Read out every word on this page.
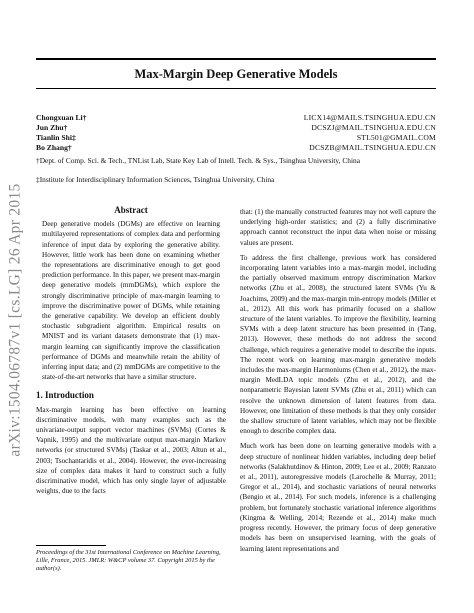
Max-Margin Deep Generative Models
arXiv:1504.06787v1 [cs.LG] 26 Apr 2015
Chongxuan Li†	LICX14@MAILS.TSINGHUA.EDU.CN
Jun Zhu†	DCSZJ@MAIL.TSINGHUA.EDU.CN
Tianlin Shi‡	STL501@GMAIL.COM
Bo Zhang†	DCSZB@MAIL.TSINGHUA.EDU.CN
†Dept. of Comp. Sci. & Tech., TNList Lab, State Key Lab of Intell. Tech. & Sys., Tsinghua University, China
‡Institute for Interdisciplinary Information Sciences, Tsinghua University, China
Abstract

Deep generative models (DGMs) are effective on learning multilayered representations of complex data and performing inference of input data by exploring the generative ability. However, little work has been done on examining whether the representations are discriminative enough to get good prediction performance. In this paper, we present max-margin deep generative models (mmDGMs), which explore the strongly discriminative principle of max-margin learning to improve the discriminative power of DGMs, while retaining the generative capability. We develop an efficient doubly stochastic subgradient algorithm. Empirical results on MNIST and its variant datasets demonstrate that (1) max-margin learning can significantly improve the classification performance of DGMs and meanwhile retain the ability of inferring input data; and (2) mmDGMs are competitive to the state-of-the-art networks that have a similar structure.

1. Introduction

Max-margin learning has been effective on learning discriminative models, with many examples such as the univariate-output support vector machines (SVMs) (Cortes & Vapnik, 1995) and the multivariate output max-margin Markov networks (or structured SVMs) (Taskar et al., 2003; Altun et al., 2003; Tsochantaridis et al., 2004). However, the ever-increasing size of complex data makes it hard to construct such a fully discriminative model, which has only single layer of adjustable weights, due to the facts

that: (1) the manually constructed features may not well capture the underlying high-order statistics; and (2) a fully discriminative approach cannot reconstruct the input data when noise or missing values are present.

To address the first challenge, previous work has considered incorporating latent variables into a max-margin model, including the partially observed maximum entropy discrimination Markov networks (Zhu et al., 2008), the structured latent SVMs (Yu & Joachims, 2009) and the max-margin min-entropy models (Miller et al., 2012). All this work has primarily focused on a shallow structure of the latent variables. To improve the flexibility, learning SVMs with a deep latent structure has been presented in (Tang, 2013). However, these methods do not address the second challenge, which requires a generative model to describe the inputs. The recent work on learning max-margin generative models includes the max-margin Harmoniums (Chen et al., 2012), the max-margin MedLDA topic models (Zhu et al., 2012), and the nonparametric Bayesian latent SVMs (Zhu et al., 2011) which can resolve the unknown dimension of latent features from data. However, one limitation of these methods is that they only consider the shallow structure of latent variables, which may not be flexible enough to describe complex data.

Much work has been done on learning generative models with a deep structure of nonlinear hidden variables, including deep belief networks (Salakhutdinov & Hinton, 2009; Lee et al., 2009; Ranzato et al., 2011), autoregressive models (Larochelle & Murray, 2011; Gregor et al., 2014), and stochastic variations of neural networks (Bengio et al., 2014). For such models, inference is a challenging problem, but fortunately stochastic variational inference algorithms (Kingma & Welling, 2014; Rezende et al., 2014) make much progress recently. However, the primary focus of deep generative models has been on unsupervised learning, with the goals of learning latent representations and

Proceedings of the 31st International Conference on Machine Learning, Lille, France, 2015. JMLR: W&CP volume 37. Copyright 2015 by the author(s).
